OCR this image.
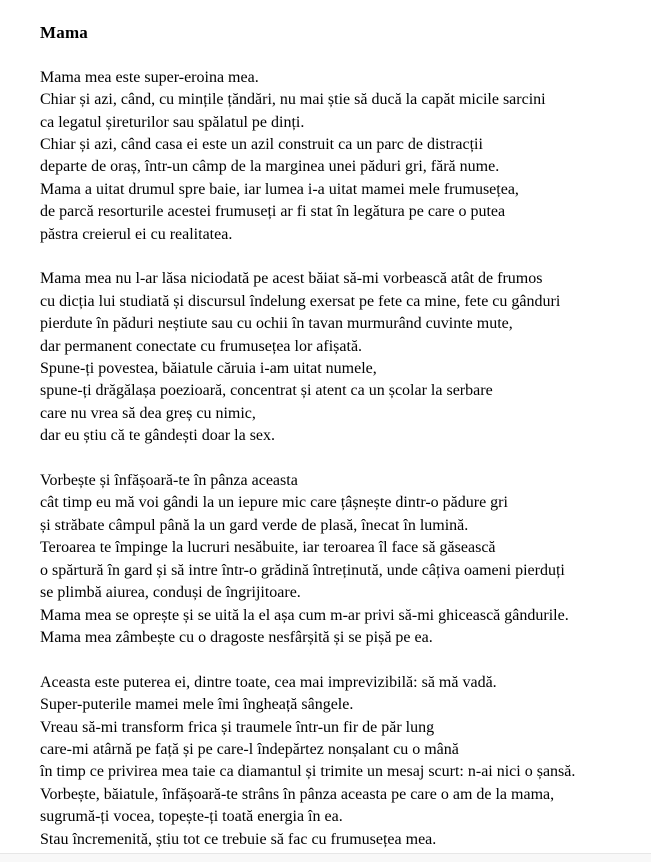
Mama
Mama mea este super-eroina mea.
Chiar și azi, când, cu mințile țăndări, nu mai știe să ducă la capăt micile sarcini
ca legatul șireturilor sau spălatul pe dinți.
Chiar și azi, când casa ei este un azil construit ca un parc de distracții
departe de oraș, într-un câmp de la marginea unei păduri gri, fără nume.
Mama a uitat drumul spre baie, iar lumea i-a uitat mamei mele frumusețea,
de parcă resorturile acestei frumuseți ar fi stat în legătura pe care o putea
păstra creierul ei cu realitatea.
Mama mea nu l-ar lăsa niciodată pe acest băiat să-mi vorbească atât de frumos
cu dicția lui studiată și discursul îndelung exersat pe fete ca mine, fete cu gânduri
pierdute în păduri neștiute sau cu ochii în tavan murmurând cuvinte mute,
dar permanent conectate cu frumusețea lor afișată.
Spune-ți povestea, băiatule căruia i-am uitat numele,
spune-ți drăgălașa poezioară, concentrat și atent ca un școlar la serbare
care nu vrea să dea greș cu nimic,
dar eu știu că te gândești doar la sex.
Vorbește și înfășoară-te în pânza aceasta
cât timp eu mă voi gândi la un iepure mic care țâșnește dintr-o pădure gri
și străbate câmpul până la un gard verde de plasă, înecat în lumină.
Teroarea te împinge la lucruri nesăbuite, iar teroarea îl face să găsească
o spărtură în gard și să intre într-o grădină întreținută, unde câțiva oameni pierduți
se plimbă aiurea, conduși de îngrijitoare.
Mama mea se oprește și se uită la el așa cum m-ar privi să-mi ghicească gândurile.
Mama mea zâmbește cu o dragoste nesfârșită și se pișă pe ea.
Aceasta este puterea ei, dintre toate, cea mai imprevizibilă: să mă vadă.
Super-puterile mamei mele îmi îngheață sângele.
Vreau să-mi transform frica și traumele într-un fir de păr lung
care-mi atârnă pe față și pe care-l îndepărtez nonșalant cu o mână
în timp ce privirea mea taie ca diamantul și trimite un mesaj scurt: n-ai nici o șansă.
Vorbește, băiatule, înfășoară-te strâns în pânza aceasta pe care o am de la mama,
sugrumă-ți vocea, topește-ți toată energia în ea.
Stau încremenită, știu tot ce trebuie să fac cu frumusețea mea.
